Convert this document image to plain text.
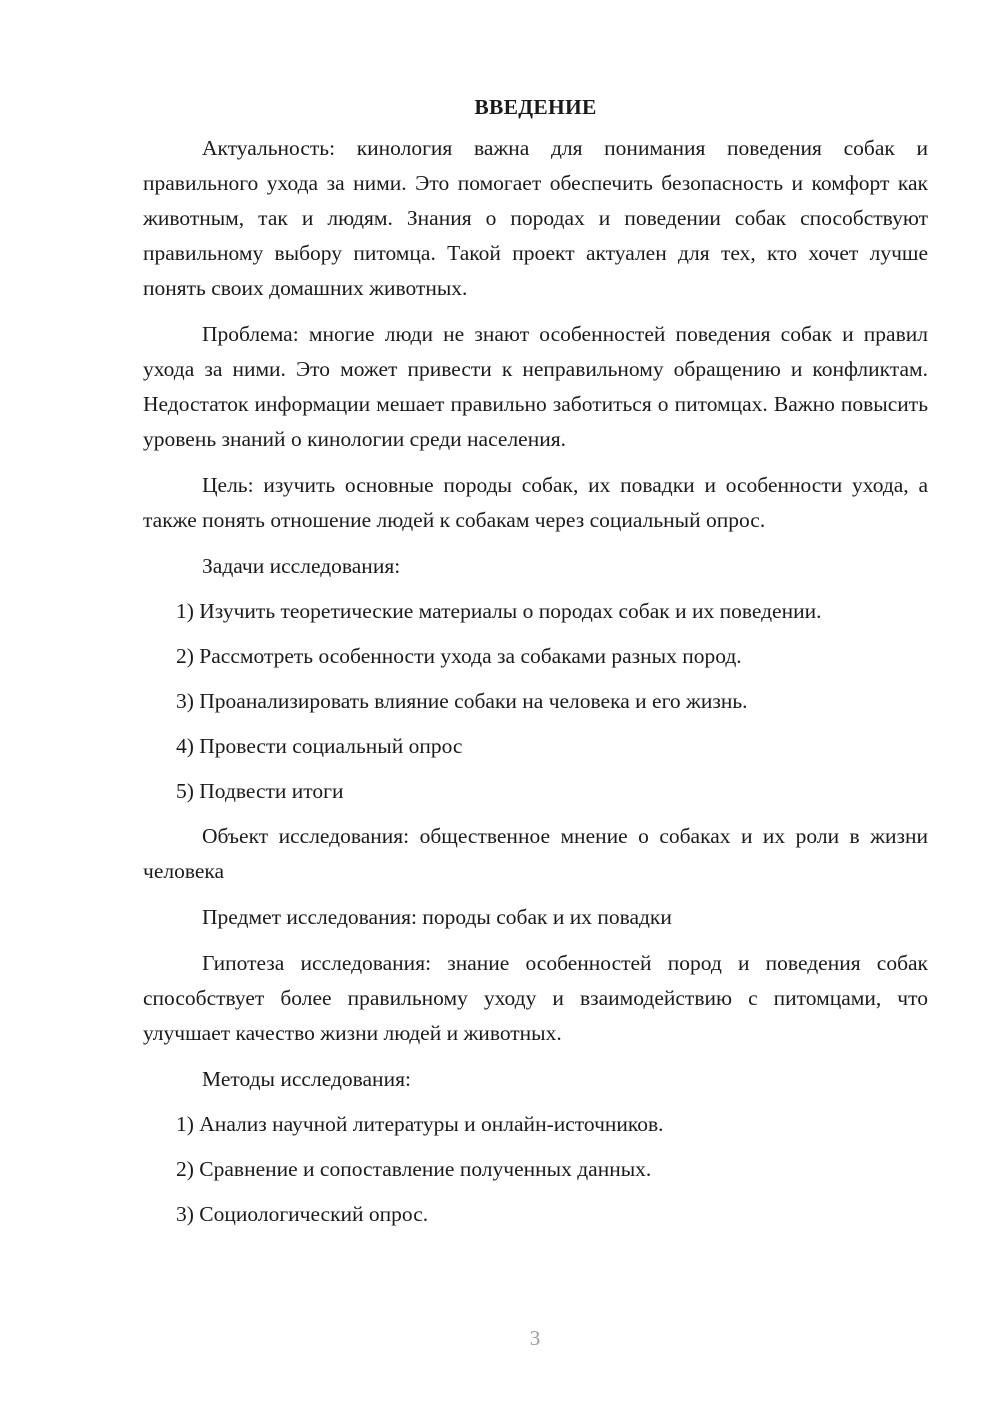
ВВЕДЕНИЕ

Актуальность: кинология важна для понимания поведения собак и правильного ухода за ними. Это помогает обеспечить безопасность и комфорт как животным, так и людям. Знания о породах и поведении собак способствуют правильному выбору питомца. Такой проект актуален для тех, кто хочет лучше понять своих домашних животных.

Проблема: многие люди не знают особенностей поведения собак и правил ухода за ними. Это может привести к неправильному обращению и конфликтам. Недостаток информации мешает правильно заботиться о питомцах. Важно повысить уровень знаний о кинологии среди населения.

Цель: изучить основные породы собак, их повадки и особенности ухода, а также понять отношение людей к собакам через социальный опрос.

Задачи исследования:

1) Изучить теоретические материалы о породах собак и их поведении.

2) Рассмотреть особенности ухода за собаками разных пород.

3) Проанализировать влияние собаки на человека и его жизнь.

4) Провести социальный опрос

5) Подвести итоги

Объект исследования: общественное мнение о собаках и их роли в жизни человека

Предмет исследования: породы собак и их повадки

Гипотеза исследования: знание особенностей пород и поведения собак способствует более правильному уходу и взаимодействию с питомцами, что улучшает качество жизни людей и животных.

Методы исследования:

1) Анализ научной литературы и онлайн-источников.

2) Сравнение и сопоставление полученных данных.

3) Социологический опрос.

3
